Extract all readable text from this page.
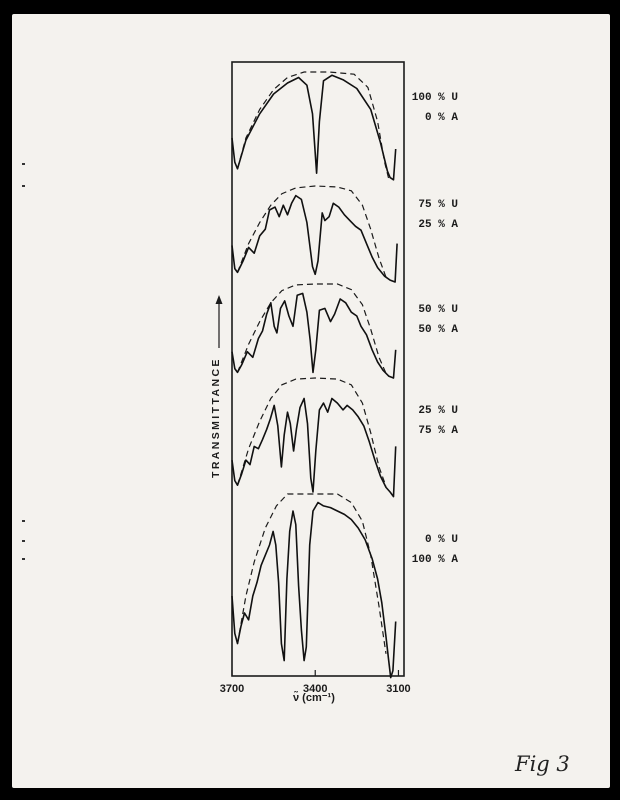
3700	3400	3100
100 % U
0 % A
75 % U
25 % A
50 % U
50 % A
25 % U
75 % A
0 % U
100 % A
ν̃ (cm⁻¹)
TRANSMITTANCE
Fig 3
